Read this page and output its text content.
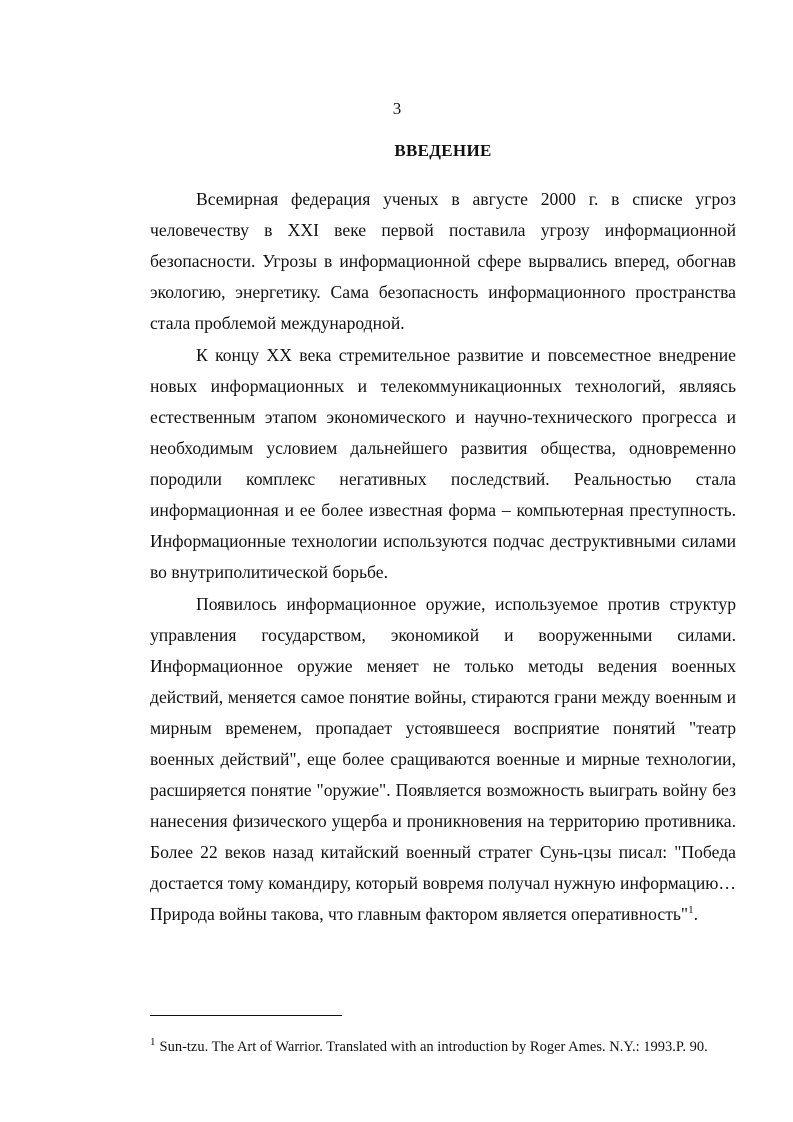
3
ВВЕДЕНИЕ

Всемирная федерация ученых в августе 2000 г. в списке угроз человечеству в XXI веке первой поставила угрозу информационной безопасности. Угрозы в информационной сфере вырвались вперед, обогнав экологию, энергетику. Сама безопасность информационного пространства стала проблемой международной.

К концу XX века стремительное развитие и повсеместное внедрение новых информационных и телекоммуникационных технологий, являясь естественным этапом экономического и научно-технического прогресса и необходимым условием дальнейшего развития общества, одновременно породили комплекс негативных последствий. Реальностью стала информационная и ее более известная форма – компьютерная преступность. Информационные технологии используются подчас деструктивными силами во внутриполитической борьбе.

Появилось информационное оружие, используемое против структур управления государством, экономикой и вооруженными силами. Информационное оружие меняет не только методы ведения военных действий, меняется самое понятие войны, стираются грани между военным и мирным временем, пропадает устоявшееся восприятие понятий "театр военных действий", еще более сращиваются военные и мирные технологии, расширяется понятие "оружие". Появляется возможность выиграть войну без нанесения физического ущерба и проникновения на территорию противника. Более 22 веков назад китайский военный стратег Сунь-цзы писал: "Победа достается тому командиру, который вовремя получал нужную информацию… Природа войны такова, что главным фактором является оперативность"$^1$.

$^1$ Sun-tzu. The Art of Warrior. Translated with an introduction by Roger Ames. N.Y.: 1993.P. 90.
